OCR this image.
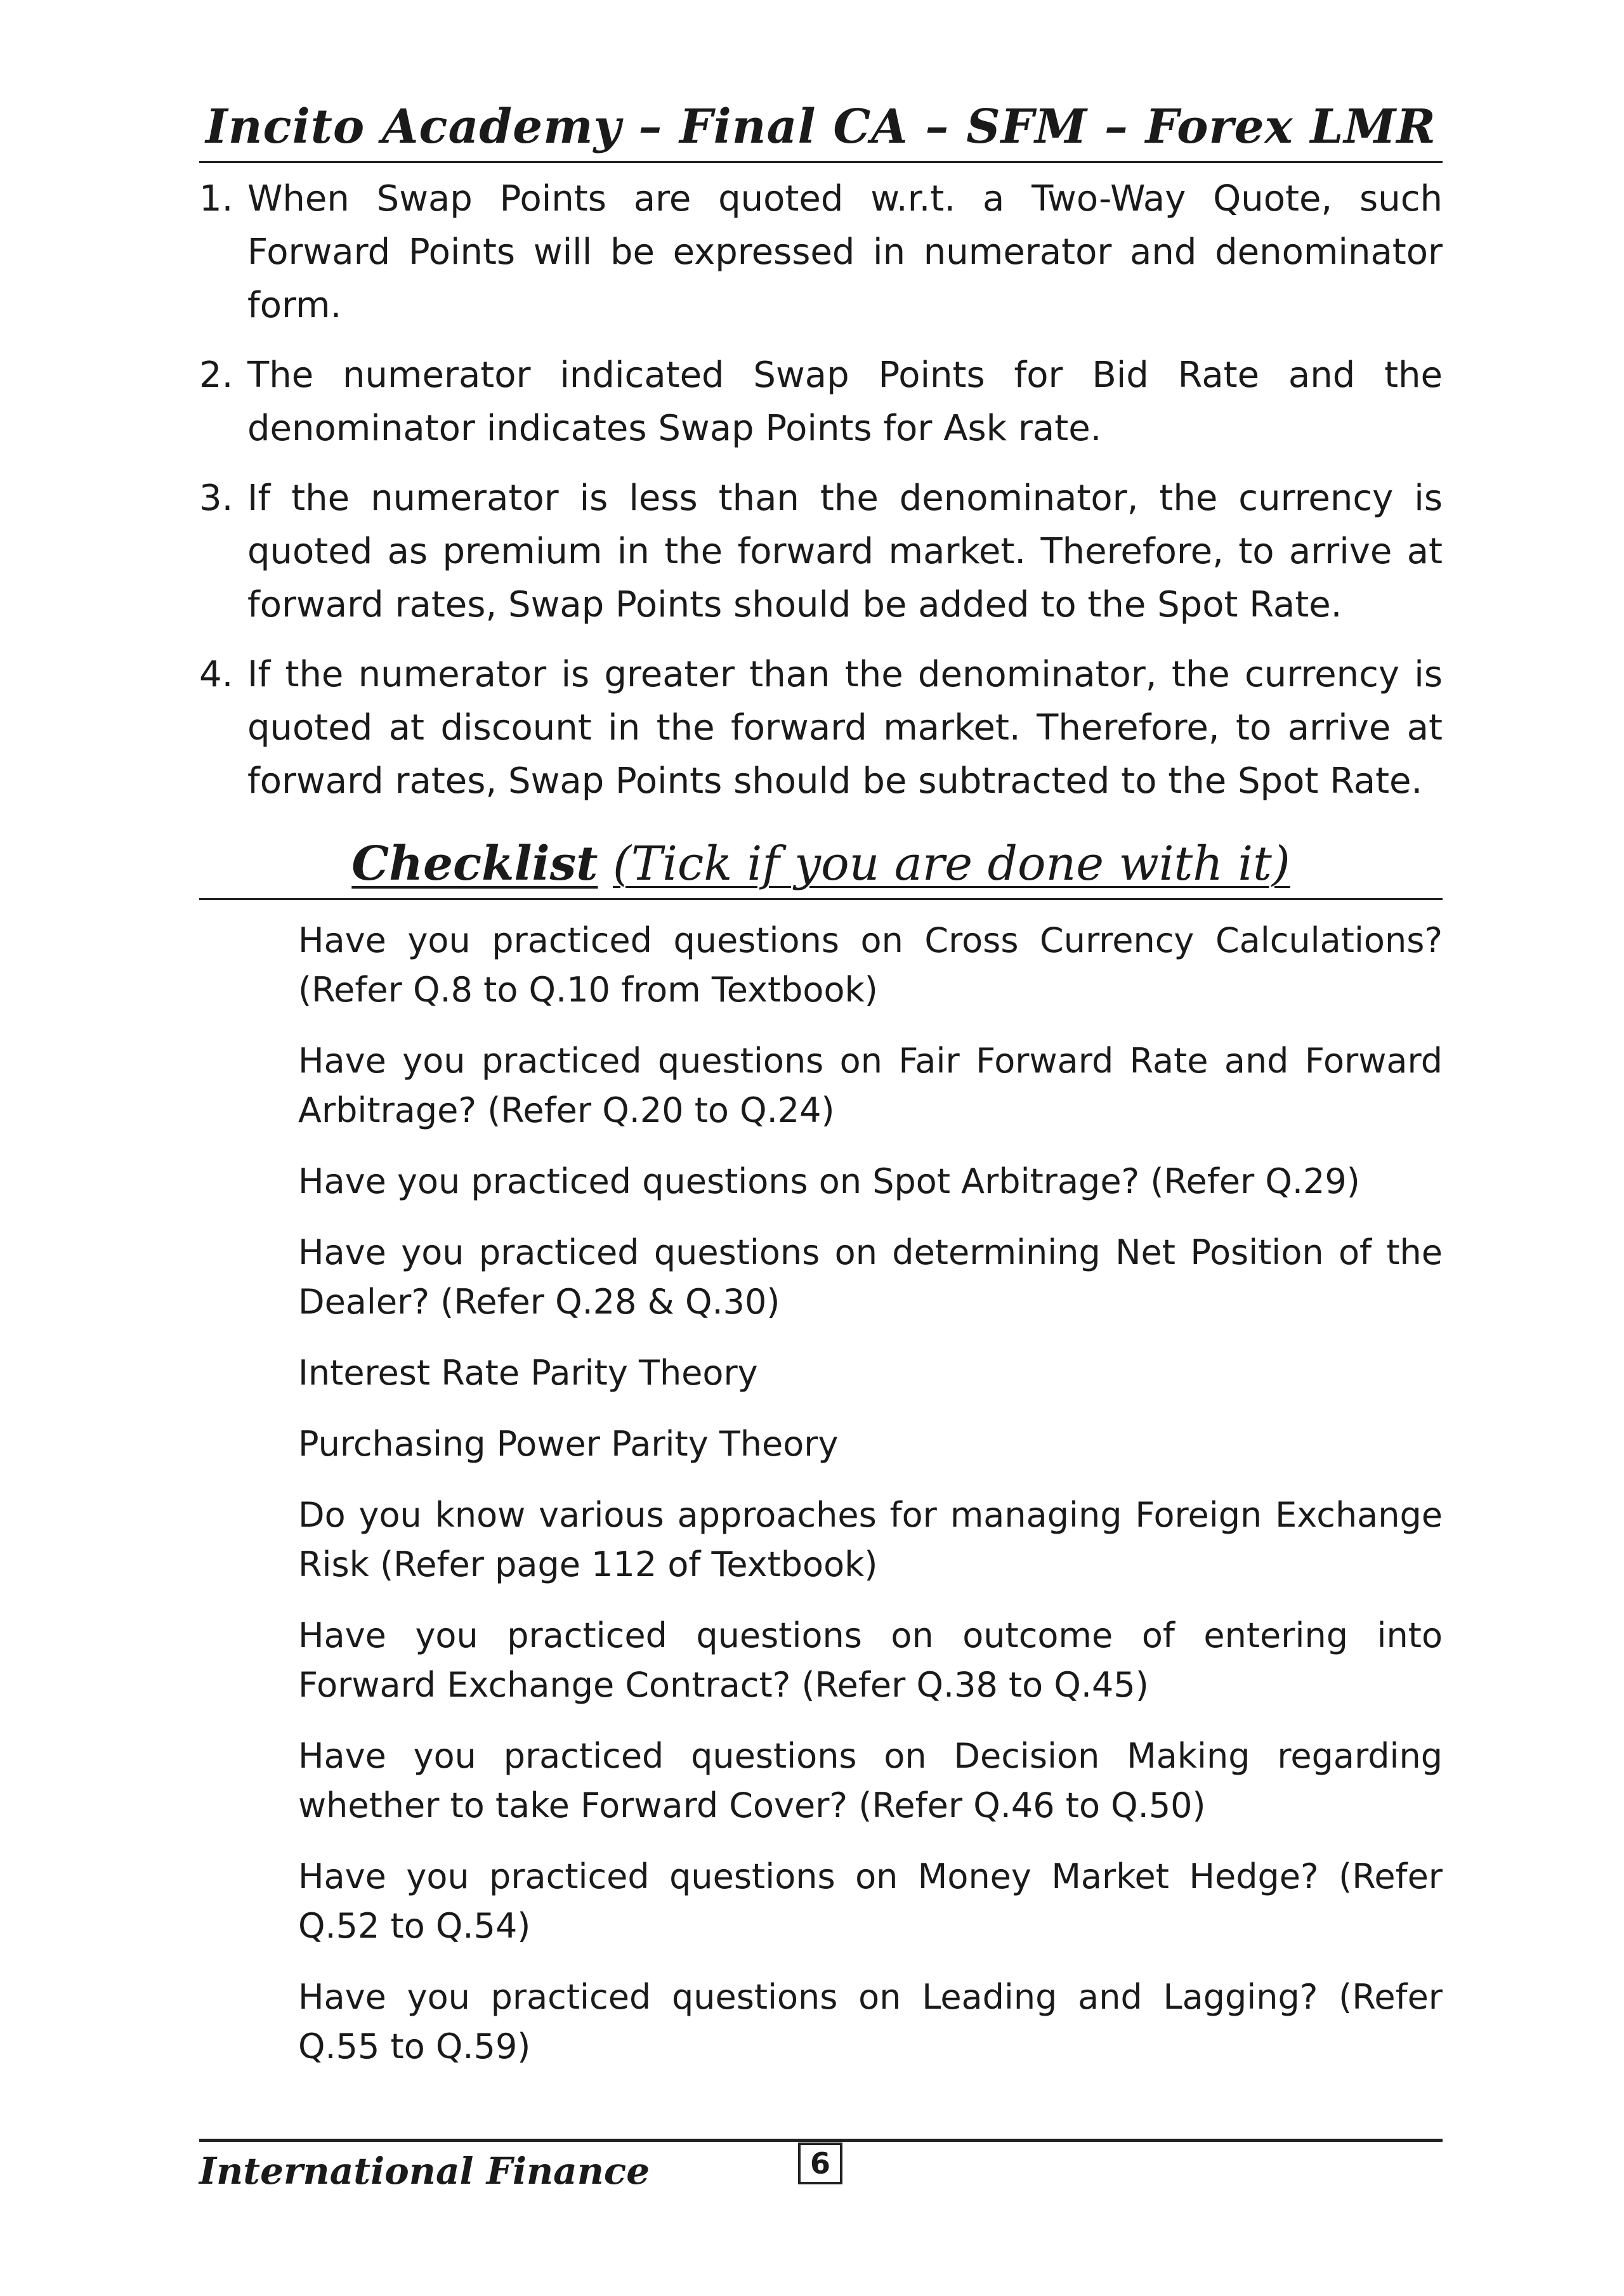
Incito Academy – Final CA – SFM – Forex LMR
1. When Swap Points are quoted w.r.t. a Two-Way Quote, such Forward Points will be expressed in numerator and denominator form.
2. The numerator indicated Swap Points for Bid Rate and the denominator indicates Swap Points for Ask rate.
3. If the numerator is less than the denominator, the currency is quoted as premium in the forward market. Therefore, to arrive at forward rates, Swap Points should be added to the Spot Rate.
4. If the numerator is greater than the denominator, the currency is quoted at discount in the forward market. Therefore, to arrive at forward rates, Swap Points should be subtracted to the Spot Rate.
Checklist (Tick if you are done with it)
Have you practiced questions on Cross Currency Calculations? (Refer Q.8 to Q.10 from Textbook)
Have you practiced questions on Fair Forward Rate and Forward Arbitrage? (Refer Q.20 to Q.24)
Have you practiced questions on Spot Arbitrage? (Refer Q.29)
Have you practiced questions on determining Net Position of the Dealer? (Refer Q.28 & Q.30)
Interest Rate Parity Theory
Purchasing Power Parity Theory
Do you know various approaches for managing Foreign Exchange Risk (Refer page 112 of Textbook)
Have you practiced questions on outcome of entering into Forward Exchange Contract? (Refer Q.38 to Q.45)
Have you practiced questions on Decision Making regarding whether to take Forward Cover? (Refer Q.46 to Q.50)
Have you practiced questions on Money Market Hedge? (Refer Q.52 to Q.54)
Have you practiced questions on Leading and Lagging? (Refer Q.55 to Q.59)
International Finance	6
